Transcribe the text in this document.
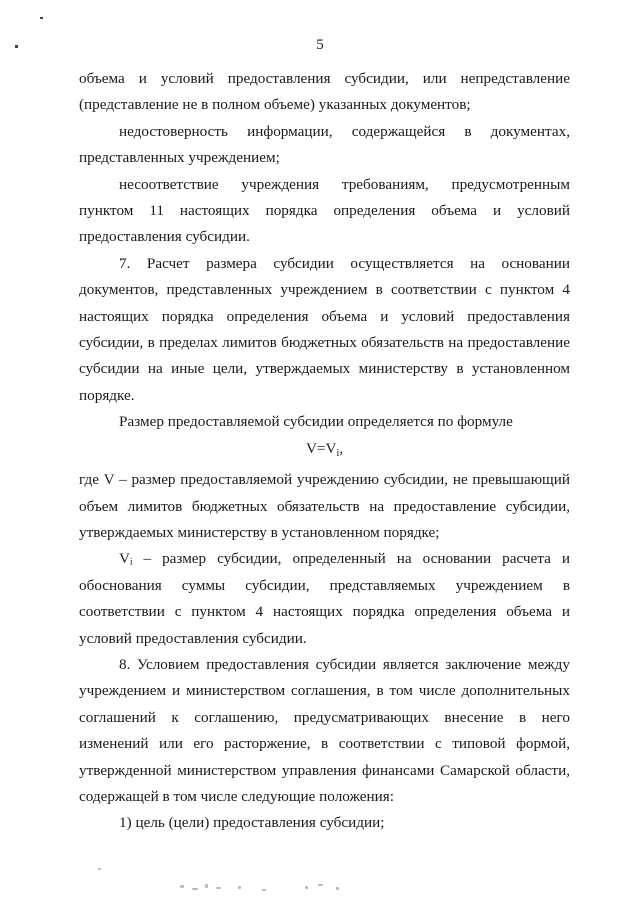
5

объема и условий предоставления субсидии, или непредставление (представление не в полном объеме) указанных документов;

недостоверность информации, содержащейся в документах, представленных учреждением;

несоответствие учреждения требованиям, предусмотренным пунктом 11 настоящих порядка определения объема и условий предоставления субсидии.

7. Расчет размера субсидии осуществляется на основании документов, представленных учреждением в соответствии с пунктом 4 настоящих порядка определения объема и условий предоставления субсидии, в пределах лимитов бюджетных обязательств на предоставление субсидии на иные цели, утверждаемых министерству в установленном порядке.

Размер предоставляемой субсидии определяется по формуле

$V=V_i$,

где V – размер предоставляемой учреждению субсидии, не превышающий объем лимитов бюджетных обязательств на предоставление субсидии, утверждаемых министерству в установленном порядке;

Vᵢ – размер субсидии, определенный на основании расчета и обоснования суммы субсидии, представляемых учреждением в соответствии с пунктом 4 настоящих порядка определения объема и условий предоставления субсидии.

8. Условием предоставления субсидии является заключение между учреждением и министерством соглашения, в том числе дополнительных соглашений к соглашению, предусматривающих внесение в него изменений или его расторжение, в соответствии с типовой формой, утвержденной министерством управления финансами Самарской области, содержащей в том числе следующие положения:

1) цель (цели) предоставления субсидии;
